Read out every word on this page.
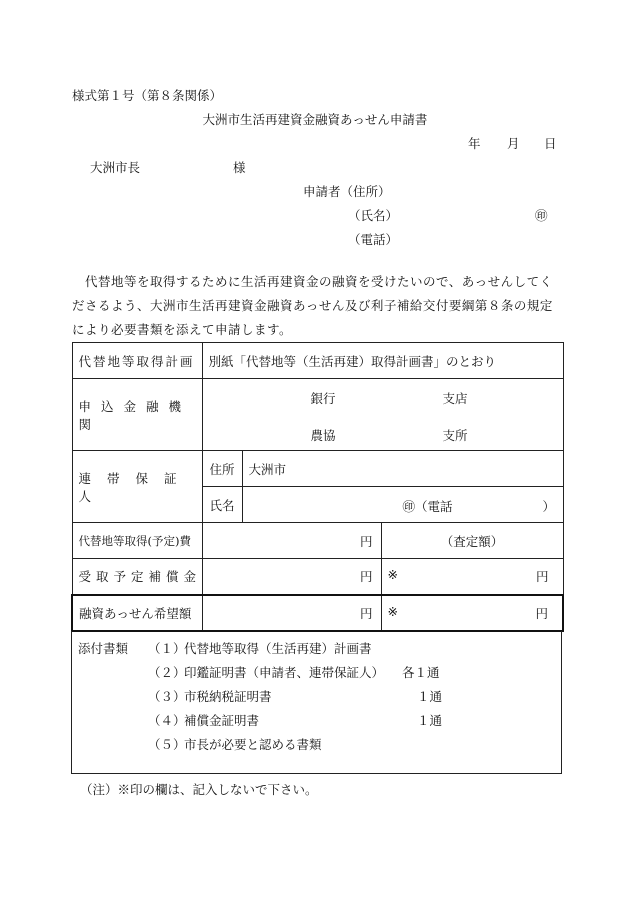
様式第１号（第８条関係）
大洲市生活再建資金融資あっせん申請書
年 月 日
大洲市長	様
申請者（住所）
（氏名）	㊞
（電話）
代替地等を取得するために生活再建資金の融資を受けたいので、あっせんしてくださるよう、大洲市生活再建資金融資あっせん及び利子補給交付要綱第８条の規定により必要書類を添えて申請します。
代替地等取得計画	別紙「代替地等（生活再建）取得計画書」のとおり		
申込金融機関	銀行 支店
農協 支所		

連帯保証人	住所	大洲市	
	氏名	㊞（電話 ）	

代替地等取得(予定)費	円		（査定額）
受取予定補償金	円		※ 円

融資あっせん希望額	円		※ 円
添付書類 （１）
代替地等取得（生活再建）計画書
（２）
印鑑証明書（申請者、連帯保証人） 各１通
（３）
市税納税証明書	１通
（４）
補償金証明書	１通
（５）
市長が必要と認める書類
（注）※印の欄は、記入しないで下さい。
